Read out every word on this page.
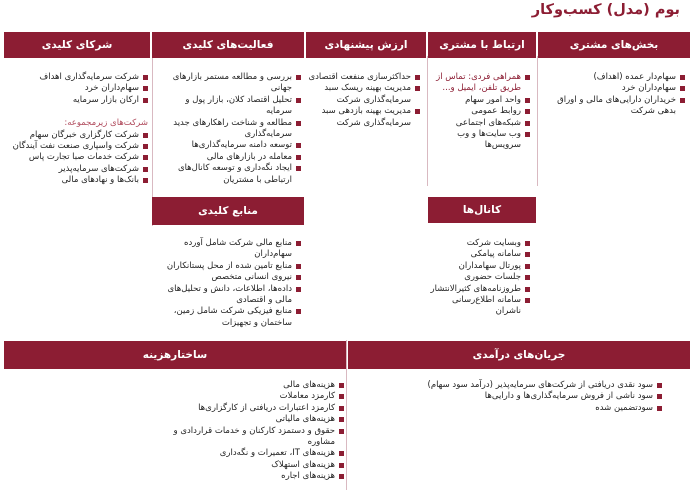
بوم (مدل) کسب‌وکار
بخش‌های مشتری
ارتباط با مشتری
ارزش پیشنهادی
فعالیت‌های کلیدی
شرکای کلیدی
کانال‌ها
منابع کلیدی
جریان‌های درآمدی
ساختارهزینه
سهام‌دار عمده (اهداف)
سهام‌داران خرد
خریداران دارایی‌های مالی و اوراق بدهی شرکت
همراهی فردی: تماس از طریق تلفن، ایمیل و...
واحد امور سهام
روابط عمومی
شبکه‌های اجتماعی
وب سایت‌ها و وب سرویس‌ها
حداکثرسازی منفعت اقتصادی
مدیریت بهینه ریسک سبد سرمایه‌گذاری شرکت
مدیریت بهینه بازدهی سبد سرمایه‌گذاری شرکت
بررسی و مطالعه مستمر بازارهای جهانی
تحلیل اقتصاد کلان، بازار پول و سرمایه
مطالعه و شناخت راهکارهای جدید سرمایه‌گذاری
توسعه دامنه سرمایه‌گذاری‌ها
معامله در بازارهای مالی
ایجاد نگه‌داری و توسعه کانال‌های ارتباطی با مشتریان
شرکت سرمایه‌گذاری اهداف
سهام‌داران خرد
ارکان بازار سرمایه
شرکت‌های زیرمجموعه:
شرکت کارگزاری خبرگان سهام
شرکت واسپاری صنعت نفت آیندگان
شرکت خدمات صبا تجارت پاس
شرکت‌های سرمایه‌پذیر
بانک‌ها و نهادهای مالی
وبسایت شرکت
سامانه پیامکی
پورتال سهامداران
جلسات حضوری
طروزنامه‌های کثیرالانتشار
سامانه اطلاع‌رسانی ناشران
منابع مالی شرکت شامل آورده سهام‌داران
منابع تامین شده از محل پستانکاران
نیروی انسانی متخصص
داده‌ها، اطلاعات، دانش و تحلیل‌های مالی و اقتصادی
منابع فیزیکی شرکت شامل زمین، ساختمان و تجهیزات
سود نقدی دریافتی از شرکت‌های سرمایه‌پذیر (درآمد سود سهام)
سود ناشی از فروش سرمایه‌گذاری‌ها و دارایی‌ها
سودتضمین شده
هزینه‌های مالی
کارمزد معاملات
کارمزد اعتبارات دریافتی از کارگزاری‌ها
هزینه‌های مالیاتی
حقوق و دستمزد کارکنان و خدمات قراردادی و مشاوره
هزینه‌های IT، تعمیرات و نگه‌داری
هزینه‌های استهلاک
هزینه‌های اجاره
